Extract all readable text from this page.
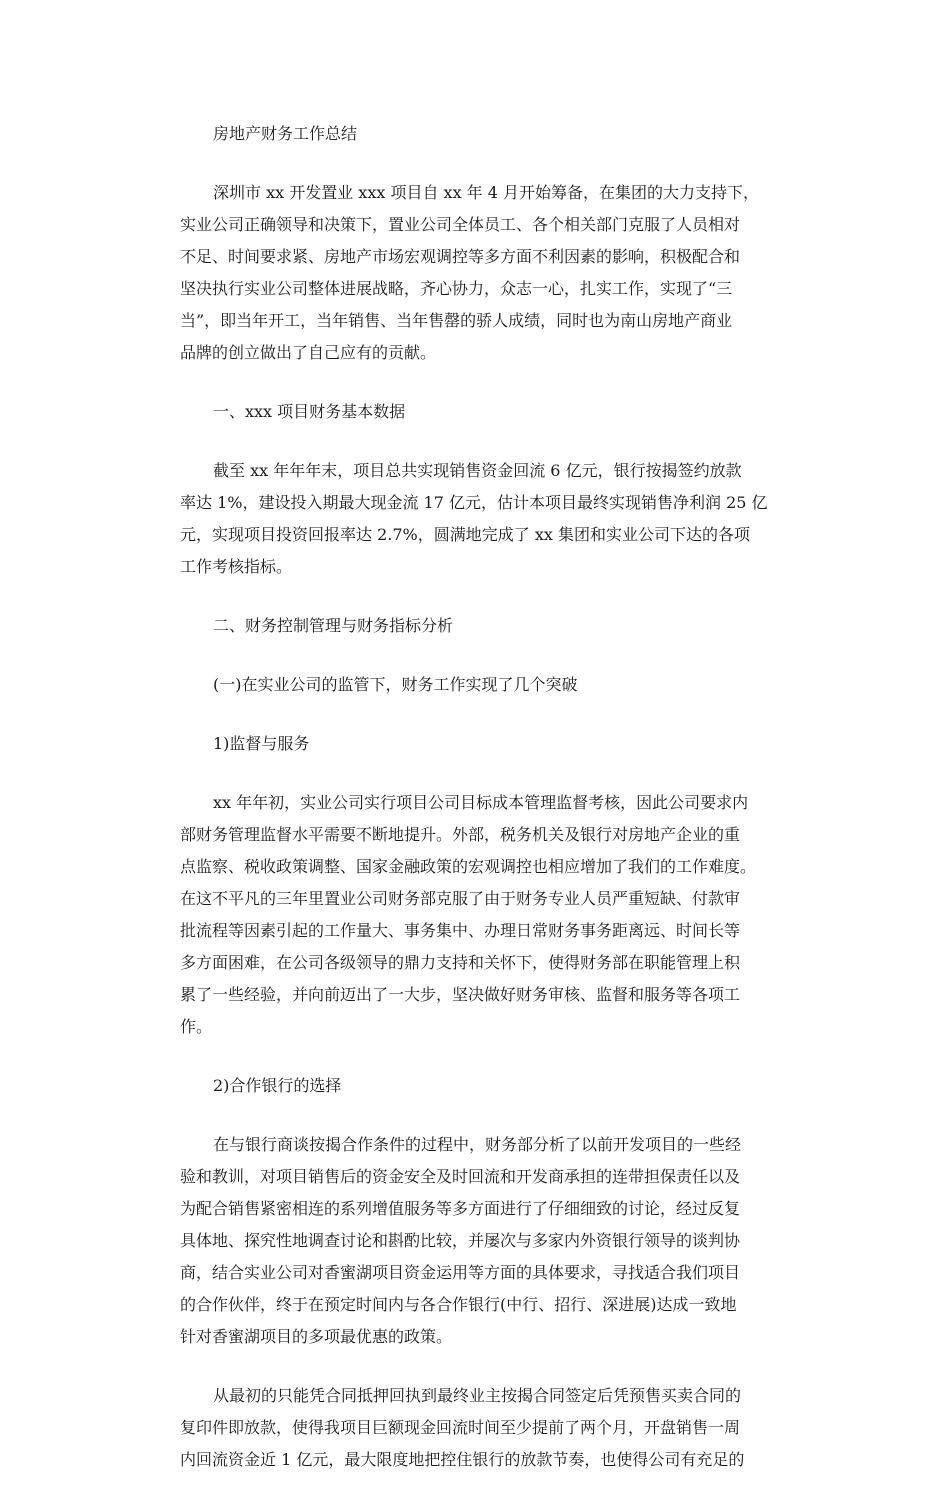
房地产财务工作总结
深圳市 xx 开发置业 xxx 项目自 xx 年 4 月开始筹备，在集团的大力支持下，
实业公司正确领导和决策下，置业公司全体员工、各个相关部门克服了人员相对
不足、时间要求紧、房地产市场宏观调控等多方面不利因素的影响，积极配合和
坚决执行实业公司整体进展战略，齐心协力，众志一心，扎实工作，实现了“三
当”，即当年开工，当年销售、当年售罄的骄人成绩，同时也为南山房地产商业
品牌的创立做出了自己应有的贡献。
一、xxx 项目财务基本数据
截至 xx 年年年末，项目总共实现销售资金回流 6 亿元，银行按揭签约放款
率达 1%，建设投入期最大现金流 17 亿元，估计本项目最终实现销售净利润 25 亿
元，实现项目投资回报率达 2.7%，圆满地完成了 xx 集团和实业公司下达的各项
工作考核指标。
二、财务控制管理与财务指标分析
(一)在实业公司的监管下，财务工作实现了几个突破
1)监督与服务
xx 年年初，实业公司实行项目公司目标成本管理监督考核，因此公司要求内
部财务管理监督水平需要不断地提升。外部，税务机关及银行对房地产企业的重
点监察、税收政策调整、国家金融政策的宏观调控也相应增加了我们的工作难度。
在这不平凡的三年里置业公司财务部克服了由于财务专业人员严重短缺、付款审
批流程等因素引起的工作量大、事务集中、办理日常财务事务距离远、时间长等
多方面困难，在公司各级领导的鼎力支持和关怀下，使得财务部在职能管理上积
累了一些经验，并向前迈出了一大步，坚决做好财务审核、监督和服务等各项工
作。
2)合作银行的选择
在与银行商谈按揭合作条件的过程中，财务部分析了以前开发项目的一些经
验和教训，对项目销售后的资金安全及时回流和开发商承担的连带担保责任以及
为配合销售紧密相连的系列增值服务等多方面进行了仔细细致的讨论，经过反复
具体地、探究性地调查讨论和斟酌比较，并屡次与多家内外资银行领导的谈判协
商，结合实业公司对香蜜湖项目资金运用等方面的具体要求，寻找适合我们项目
的合作伙伴，终于在预定时间内与各合作银行(中行、招行、深进展)达成一致地
针对香蜜湖项目的多项最优惠的政策。
从最初的只能凭合同抵押回执到最终业主按揭合同签定后凭预售买卖合同的
复印件即放款，使得我项目巨额现金回流时间至少提前了两个月，开盘销售一周
内回流资金近 1 亿元，最大限度地把控住银行的放款节奏，也使得公司有充足的
